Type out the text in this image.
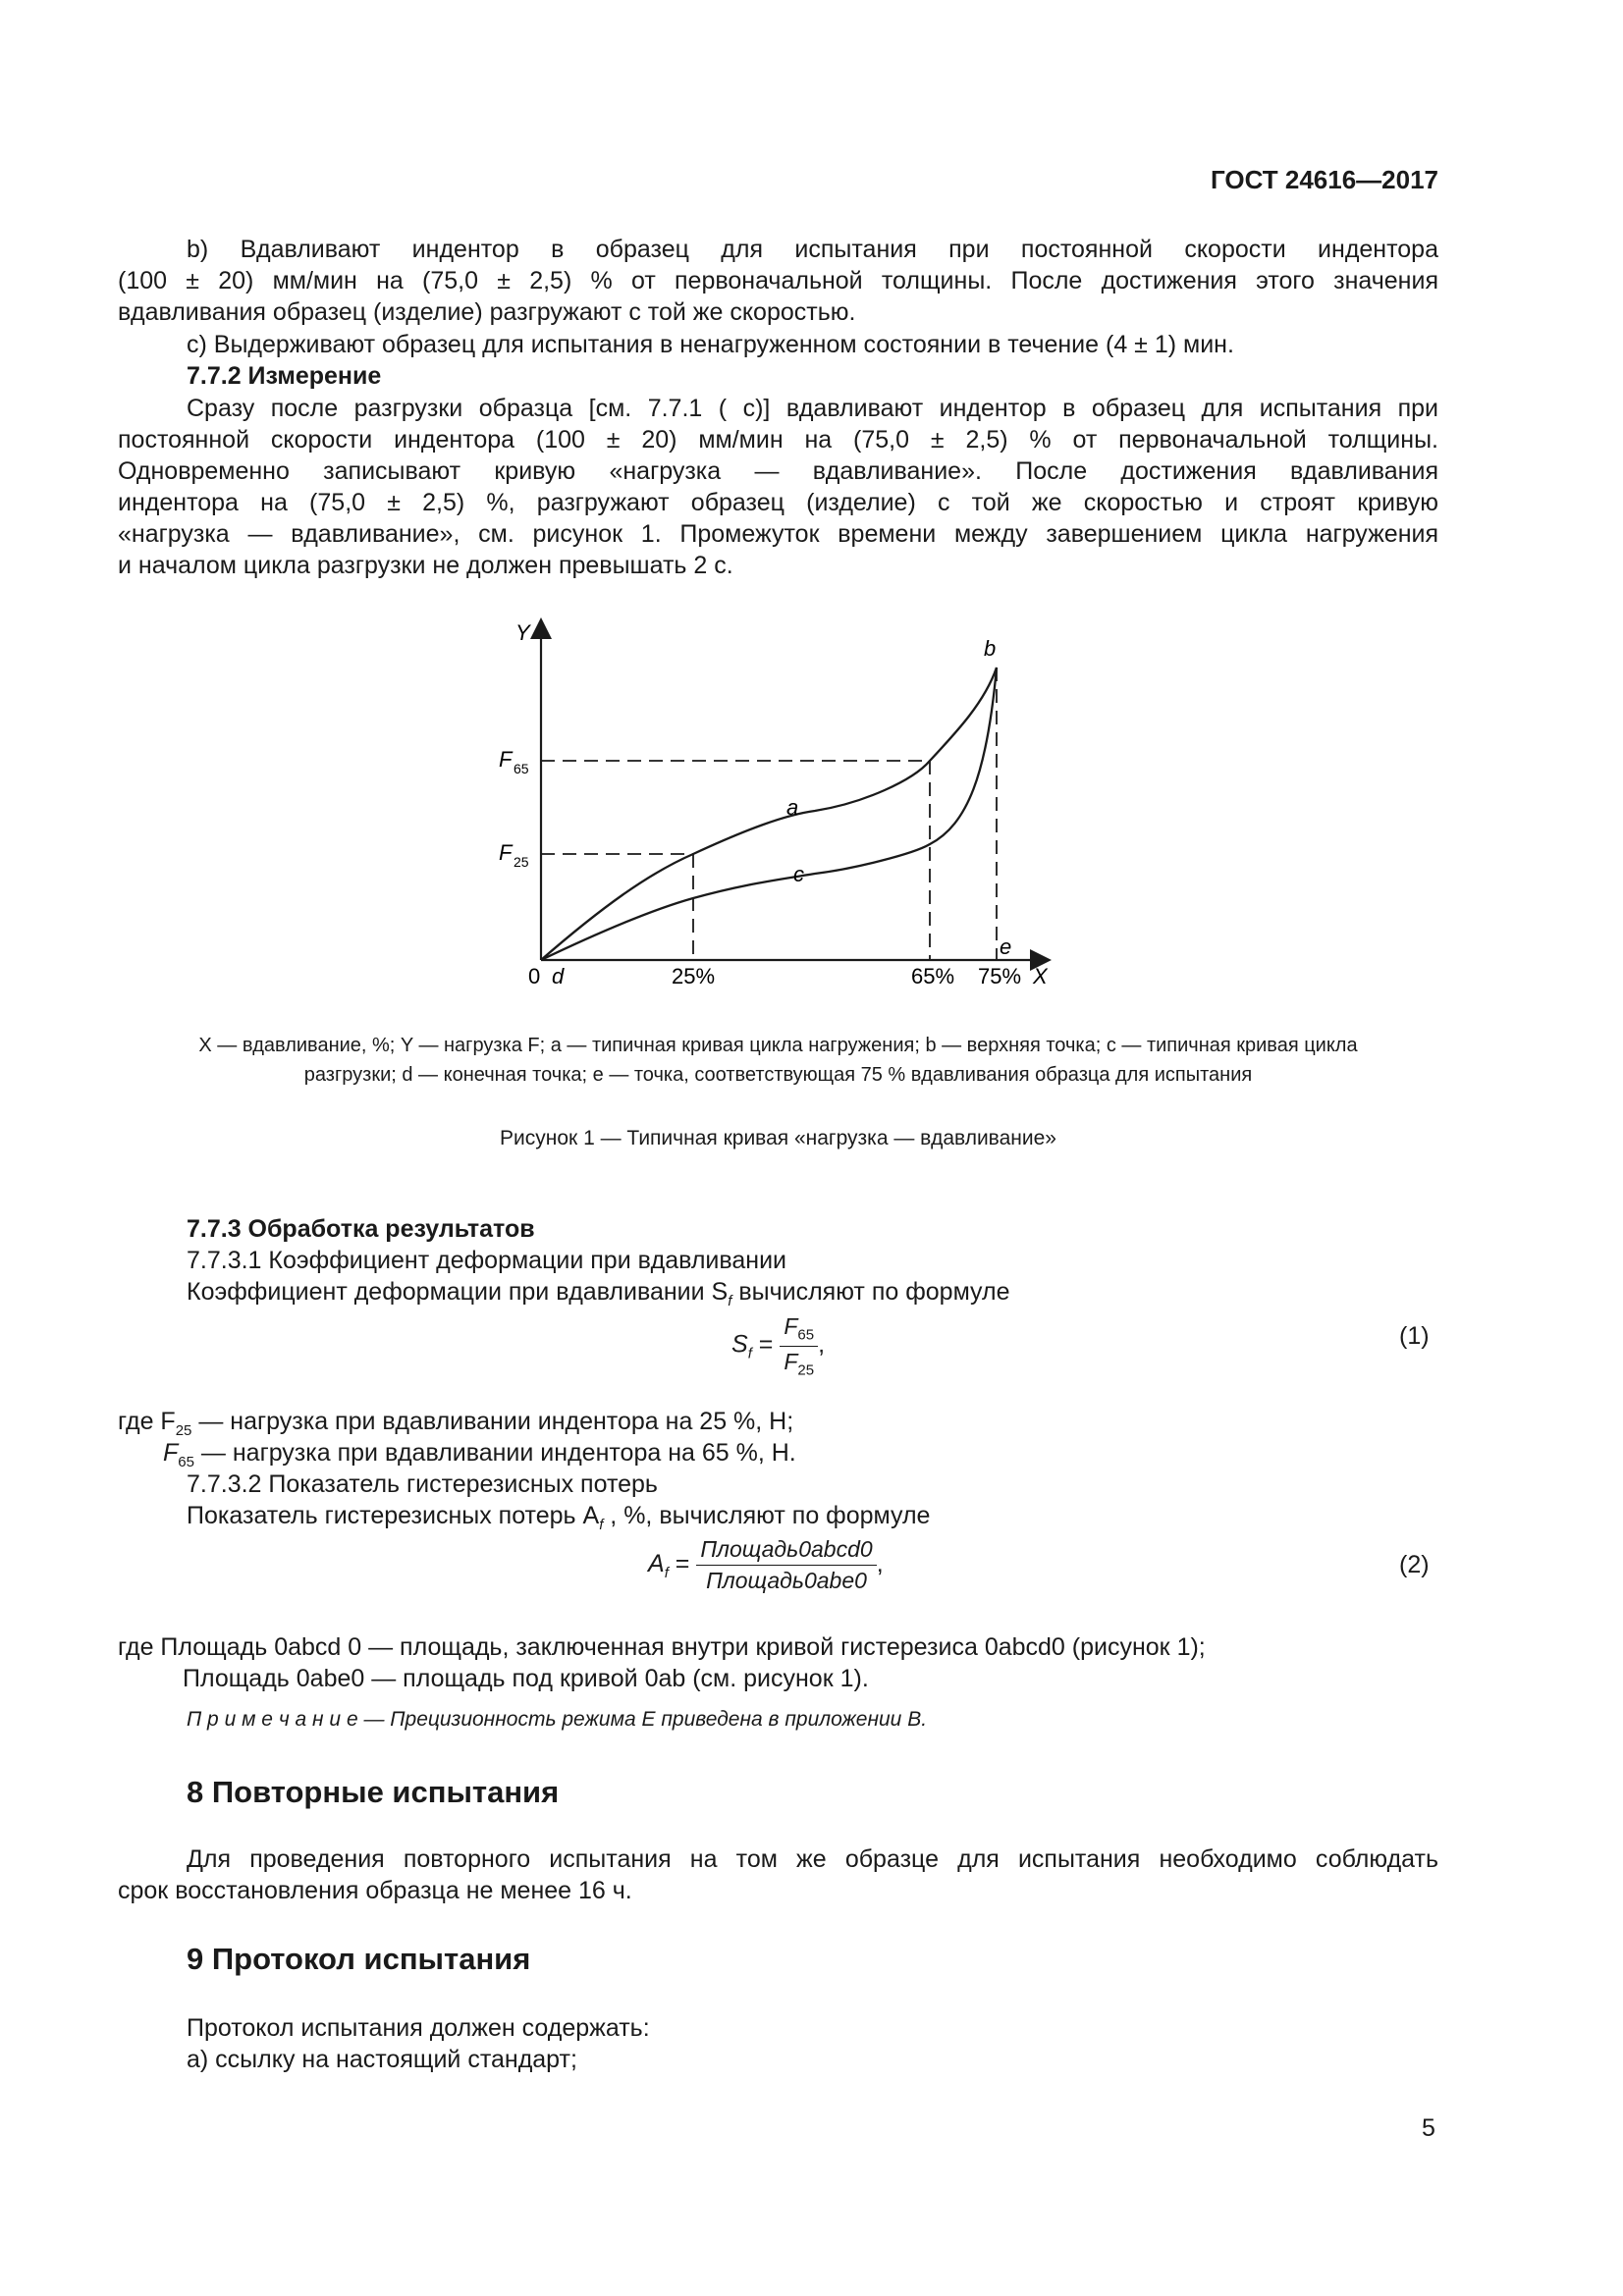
ГОСТ 24616—2017
b) Вдавливают индентор в образец для испытания при постоянной скорости индентора
(100 ± 20) мм/мин на (75,0 ± 2,5) % от первоначальной толщины. После достижения этого значения
вдавливания образец (изделие) разгружают с той же скоростью.
с) Выдерживают образец для испытания в ненагруженном состоянии в течение (4 ± 1) мин.
7.7.2 Измерение
Сразу после разгрузки образца [см. 7.7.1 ( с)] вдавливают индентор в образец для испытания при
постоянной скорости индентора (100 ± 20) мм/мин на (75,0 ± 2,5) % от первоначальной толщины.
Одновременно записывают кривую «нагрузка — вдавливание». После достижения вдавливания
индентора на (75,0 ± 2,5) %, разгружают образец (изделие) с той же скоростью и строят кривую
«нагрузка — вдавливание», см. рисунок 1. Промежуток времени между завершением цикла нагружения
и началом цикла разгрузки не должен превышать 2 с.
Y
X
b
a
c
e
F 65
F 25
0 d	25%	65% 75%
X — вдавливание, %; Y — нагрузка F; a — типичная кривая цикла нагружения; b — верхняя точка; c — типичная кривая цикла
разгрузки; d — конечная точка; е — точка, соответствующая 75 % вдавливания образца для испытания
Рисунок 1 — Типичная кривая «нагрузка — вдавливание»
7.7.3 Обработка результатов
7.7.3.1 Коэффициент деформации при вдавливании
Коэффициент деформации при вдавливании $S_f$ вычисляют по формуле
$S_f = \frac{F_{65}}{F_{25}}$ ,	(1)
где $F_{25}$ — нагрузка при вдавливании индентора на 25 %, Н;
$F_{65}$ — нагрузка при вдавливании индентора на 65 %, Н.
7.7.3.2 Показатель гистерезисных потерь
Показатель гистерезисных потерь $A_f$ , %, вычисляют по формуле
$A_f = \frac{\text{Площадь0abcd0}}{\text{Площадь0abe0}}$ ,	(2)
где Площадь 0abcd 0 — площадь, заключенная внутри кривой гистерезиса 0abcd0 (рисунок 1);
Площадь 0abe0 — площадь под кривой 0ab (см. рисунок 1).
П р и м е ч а н и е — Прецизионность режима Е приведена в приложении В.
8 Повторные испытания
Для проведения повторного испытания на том же образце для испытания необходимо соблюдать
срок восстановления образца не менее 16 ч.
9 Протокол испытания
Протокол испытания должен содержать:
а) ссылку на настоящий стандарт;
5
